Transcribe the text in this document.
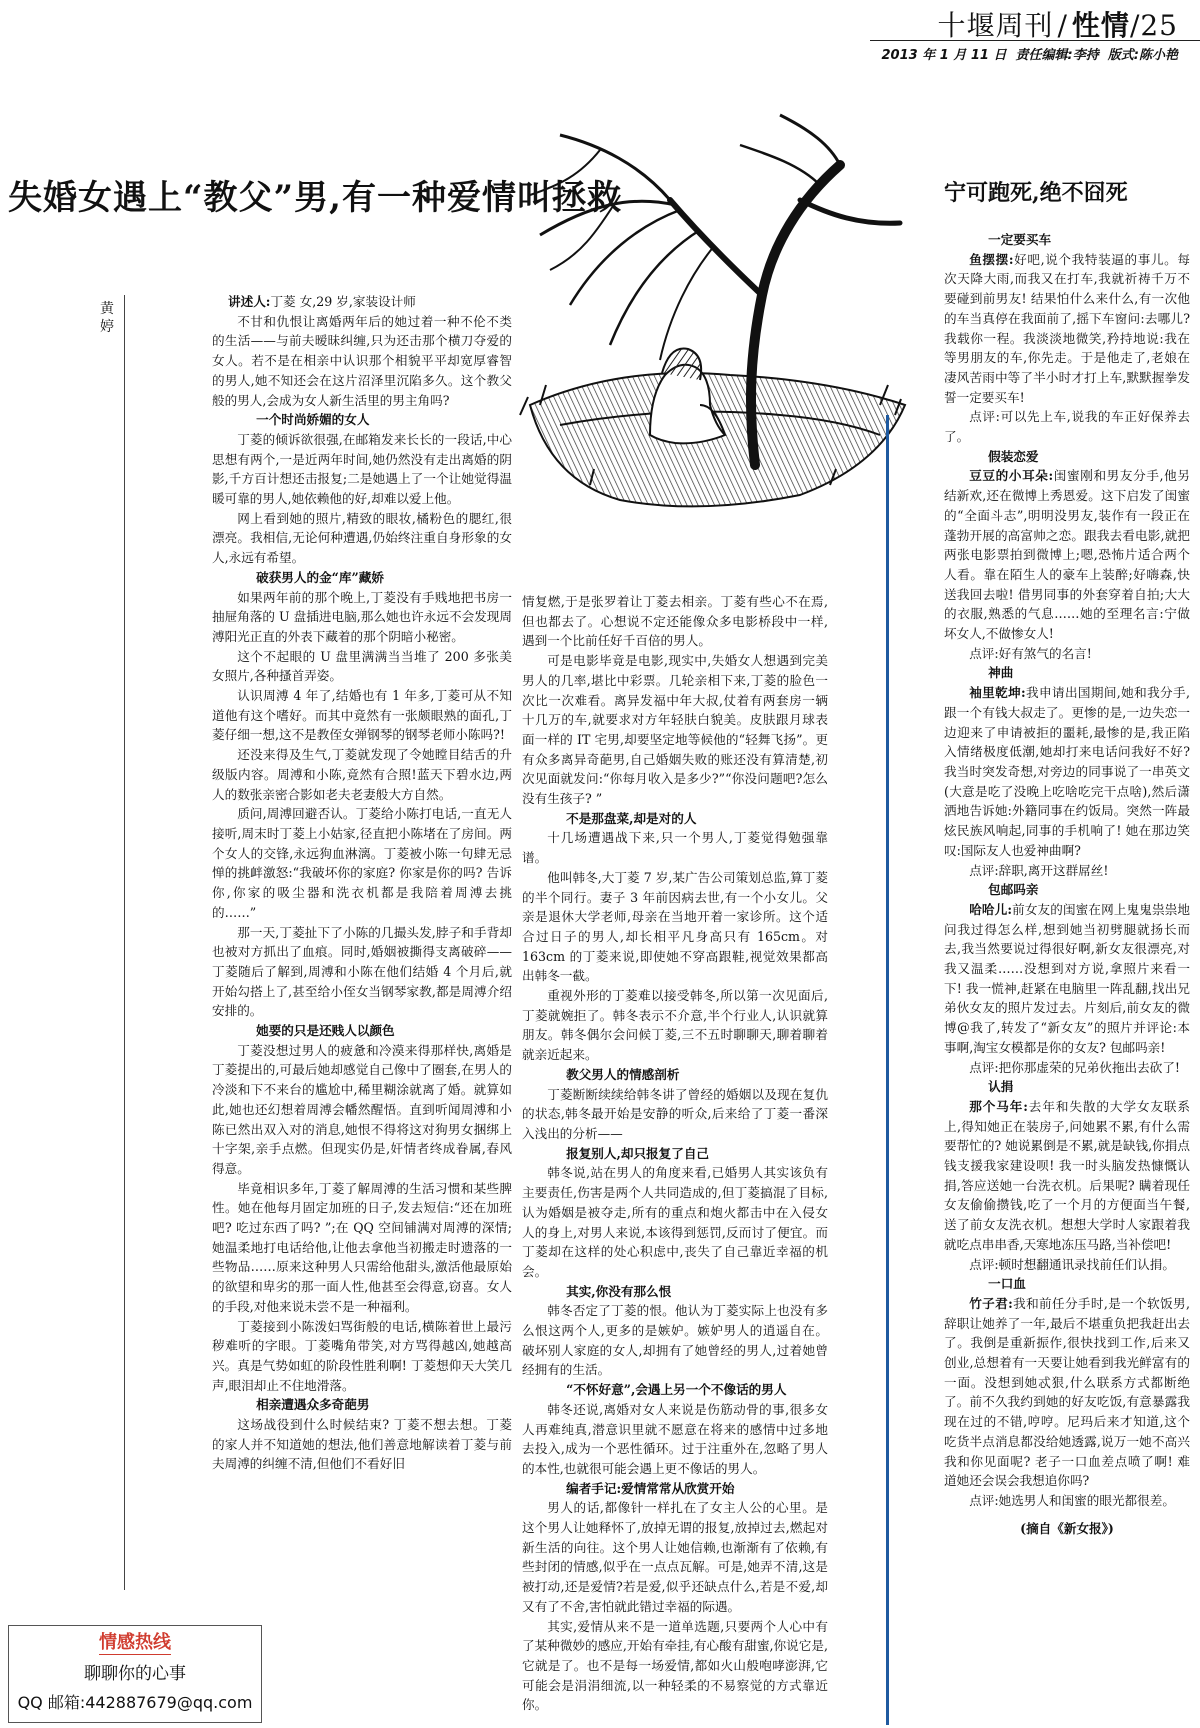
十堰周刊 / 性情/25
2013 年 1 月 11 日 责任编辑:李持 版式:陈小艳
失婚女遇上“教父”男,有一种爱情叫拯救
黄婷

讲述人:丁菱 女,29 岁,家装设计师

不甘和仇恨让离婚两年后的她过着一种不伦不类的生活——与前夫暧昧纠缠,只为还击那个横刀夺爱的女人。若不是在相亲中认识那个相貌平平却宽厚睿智的男人,她不知还会在这片沼泽里沉陷多久。这个教父般的男人,会成为女人新生活里的男主角吗?

一个时尚娇媚的女人

丁菱的倾诉欲很强,在邮箱发来长长的一段话,中心思想有两个,一是近两年时间,她仍然没有走出离婚的阴影,千方百计想还击报复;二是她遇上了一个让她觉得温暖可靠的男人,她依赖他的好,却难以爱上他。

网上看到她的照片,精致的眼妆,橘粉色的腮红,很漂亮。我相信,无论何种遭遇,仍始终注重自身形象的女人,永远有希望。

破获男人的金“库”藏娇

如果两年前的那个晚上,丁菱没有手贱地把书房一抽屉角落的 U 盘插进电脑,那么她也许永远不会发现周溥阳光正直的外表下藏着的那个阴暗小秘密。

这个不起眼的 U 盘里满满当当堆了 200 多张美女照片,各种搔首弄姿。

认识周溥 4 年了,结婚也有 1 年多,丁菱可从不知道他有这个嗜好。而其中竟然有一张颇眼熟的面孔,丁菱仔细一想,这不是教侄女弹钢琴的钢琴老师小陈吗?!

还没来得及生气,丁菱就发现了令她瞠目结舌的升级版内容。周溥和小陈,竟然有合照!蓝天下碧水边,两人的数张亲密合影如老夫老妻般大方自然。

质问,周溥回避否认。丁菱给小陈打电话,一直无人接听,周末时丁菱上小姑家,径直把小陈堵在了房间。两个女人的交锋,永远狗血淋漓。丁菱被小陈一句肆无忌惮的挑衅激怒:“我破坏你的家庭? 你家是你的吗? 告诉你,你家的吸尘器和洗衣机都是我陪着周溥去挑的……”

那一天,丁菱扯下了小陈的几撮头发,脖子和手背却也被对方抓出了血痕。同时,婚姻被撕得支离破碎——丁菱随后了解到,周溥和小陈在他们结婚 4 个月后,就开始勾搭上了,甚至给小侄女当钢琴家教,都是周溥介绍安排的。

她要的只是还贱人以颜色

丁菱没想过男人的疲惫和冷漠来得那样快,离婚是丁菱提出的,可最后她却感觉自己像中了圈套,在男人的冷淡和下不来台的尴尬中,稀里糊涂就离了婚。就算如此,她也还幻想着周溥会幡然醒悟。直到听闻周溥和小陈已然出双入对的消息,她恨不得将这对狗男女捆绑上十字架,亲手点燃。但现实仍是,奸情者终成眷属,春风得意。

毕竟相识多年,丁菱了解周溥的生活习惯和某些脾性。她在他每月固定加班的日子,发去短信:“还在加班吧? 吃过东西了吗? ”;在 QQ 空间铺满对周溥的深情;她温柔地打电话给他,让他去拿他当初搬走时遗落的一些物品……原来这种男人只需给他甜头,激活他最原始的欲望和卑劣的那一面人性,他甚至会得意,窃喜。女人的手段,对他来说未尝不是一种福利。

丁菱接到小陈泼妇骂街般的电话,横陈着世上最污秽难听的字眼。丁菱嘴角带笑,对方骂得越凶,她越高兴。真是气势如虹的阶段性胜利啊! 丁菱想仰天大笑几声,眼泪却止不住地滑落。

相亲遭遇众多奇葩男

这场战役到什么时候结束? 丁菱不想去想。丁菱的家人并不知道她的想法,他们善意地解读着丁菱与前夫周溥的纠缠不清,但他们不看好旧

情复燃,于是张罗着让丁菱去相亲。丁菱有些心不在焉,但也都去了。心想说不定还能像众多电影桥段中一样,遇到一个比前任好千百倍的男人。

可是电影毕竟是电影,现实中,失婚女人想遇到完美男人的几率,堪比中彩票。几轮亲相下来,丁菱的脸色一次比一次难看。离异发福中年大叔,仗着有两套房一辆十几万的车,就要求对方年轻肤白貌美。皮肤跟月球表面一样的 IT 宅男,却要坚定地等候他的“轻舞飞扬”。更有众多离异奇葩男,自己婚姻失败的账还没有算清楚,初次见面就发问:“你每月收入是多少?”“你没问题吧?怎么没有生孩子? ”

不是那盘菜,却是对的人

十几场遭遇战下来,只一个男人,丁菱觉得勉强靠谱。

他叫韩冬,大丁菱 7 岁,某广告公司策划总监,算丁菱的半个同行。妻子 3 年前因病去世,有一个小女儿。父亲是退休大学老师,母亲在当地开着一家诊所。这个适合过日子的男人,却长相平凡身高只有 165cm。对 163cm 的丁菱来说,即使她不穿高跟鞋,视觉效果都高出韩冬一截。

重视外形的丁菱难以接受韩冬,所以第一次见面后,丁菱就婉拒了。韩冬表示不介意,半个行业人,认识就算朋友。韩冬偶尔会问候丁菱,三不五时聊聊天,聊着聊着就亲近起来。

教父男人的情感剖析

丁菱断断续续给韩冬讲了曾经的婚姻以及现在复仇的状态,韩冬最开始是安静的听众,后来给了丁菱一番深入浅出的分析——

报复别人,却只报复了自己

韩冬说,站在男人的角度来看,已婚男人其实该负有主要责任,伤害是两个人共同造成的,但丁菱搞混了目标,认为婚姻是被夺走,所有的重点和炮火都击中在入侵女人的身上,对男人来说,本该得到惩罚,反而讨了便宜。而丁菱却在这样的处心积虑中,丧失了自己靠近幸福的机会。

其实,你没有那么恨

韩冬否定了丁菱的恨。他认为丁菱实际上也没有多么恨这两个人,更多的是嫉妒。嫉妒男人的逍遥自在。破坏别人家庭的女人,却拥有了她曾经的男人,过着她曾经拥有的生活。

“不怀好意”,会遇上另一个不像话的男人

韩冬还说,离婚对女人来说是伤筋动骨的事,很多女人再难纯真,潜意识里就不愿意在将来的感情中过多地去投入,成为一个恶性循环。过于注重外在,忽略了男人的本性,也就很可能会遇上更不像话的男人。

编者手记:爱情常常从欣赏开始

男人的话,都像针一样扎在了女主人公的心里。是这个男人让她释怀了,放掉无谓的报复,放掉过去,燃起对新生活的向往。这个男人让她信赖,也渐渐有了依赖,有些封闭的情感,似乎在一点点瓦解。可是,她弄不清,这是被打动,还是爱情?若是爱,似乎还缺点什么,若是不爱,却又有了不舍,害怕就此错过幸福的际遇。

其实,爱情从来不是一道单选题,只要两个人心中有了某种微妙的感应,开始有牵挂,有心酸有甜蜜,你说它是,它就是了。也不是每一场爱情,都如火山般咆哮澎湃,它可能会是涓涓细流,以一种轻柔的不易察觉的方式靠近你。

宁可跑死,绝不囧死

一定要买车

鱼摆摆:好吧,说个我特装逼的事儿。每次天降大雨,而我又在打车,我就祈祷千万不要碰到前男友! 结果怕什么来什么,有一次他的车当真停在我面前了,摇下车窗问:去哪儿? 我载你一程。我淡淡地微笑,矜持地说:我在等男朋友的车,你先走。于是他走了,老娘在凄风苦雨中等了半小时才打上车,默默握拳发誓一定要买车!

点评:可以先上车,说我的车正好保养去了。

假装恋爱

豆豆的小耳朵:闺蜜刚和男友分手,他另结新欢,还在微博上秀恩爱。这下启发了闺蜜的“全面斗志”,明明没男友,装作有一段正在蓬勃开展的高富帅之恋。跟我去看电影,就把两张电影票拍到微博上;嗯,恐怖片适合两个人看。靠在陌生人的豪车上装醉;好嗨森,快送我回去啦! 借男同事的外套穿着自拍;大大的衣服,熟悉的气息……她的至理名言:宁做坏女人,不做惨女人!

点评:好有煞气的名言!

神曲

袖里乾坤:我申请出国期间,她和我分手,跟一个有钱大叔走了。更惨的是,一边失恋一边迎来了申请被拒的噩耗,最惨的是,我正陷入情绪极度低潮,她却打来电话问我好不好? 我当时突发奇想,对旁边的同事说了一串英文(大意是吃了没晚上吃啥吃完干点啥),然后潇洒地告诉她:外籍同事在约饭局。突然一阵最炫民族风响起,同事的手机响了! 她在那边笑叹:国际友人也爱神曲啊?

点评:辞职,离开这群屌丝!

包邮吗亲

哈哈儿:前女友的闺蜜在网上鬼鬼祟祟地问我过得怎么样,想到她当初劈腿就扬长而去,我当然要说过得很好啊,新女友很漂亮,对我又温柔……没想到对方说,拿照片来看一下! 我一慌神,赶紧在电脑里一阵乱翻,找出兄弟伙女友的照片发过去。片刻后,前女友的微博@我了,转发了“新女友”的照片并评论:本事啊,淘宝女模都是你的女友? 包邮吗亲!

点评:把你那虚荣的兄弟伙拖出去砍了!

认捐

那个马年:去年和失散的大学女友联系上,得知她正在装房子,问她累不累,有什么需要帮忙的? 她说累倒是不累,就是缺钱,你捐点钱支援我家建设呗! 我一时头脑发热慷慨认捐,答应送她一台洗衣机。后果呢? 瞒着现任女友偷偷攒钱,吃了一个月的方便面当午餐,送了前女友洗衣机。想想大学时人家跟着我就吃点串串香,天寒地冻压马路,当补偿吧!

点评:顿时想翻通讯录找前任们认捐。

一口血

竹子君:我和前任分手时,是一个软饭男,辞职让她养了一年,最后不堪重负把我赶出去了。我倒是重新振作,很快找到工作,后来又创业,总想着有一天要让她看到我光鲜富有的一面。没想到她忒狠,什么联系方式都断绝了。前不久我约到她的好友吃饭,有意暴露我现在过的不错,哼哼。尼玛后来才知道,这个吃货半点消息都没给她透露,说万一她不高兴我和你见面呢? 老子一口血差点喷了啊! 难道她还会误会我想追你吗?

点评:她选男人和闺蜜的眼光都很差。

(摘自《新女报》)
情感热线
聊聊你的心事
QQ 邮箱:442887679@qq.com
